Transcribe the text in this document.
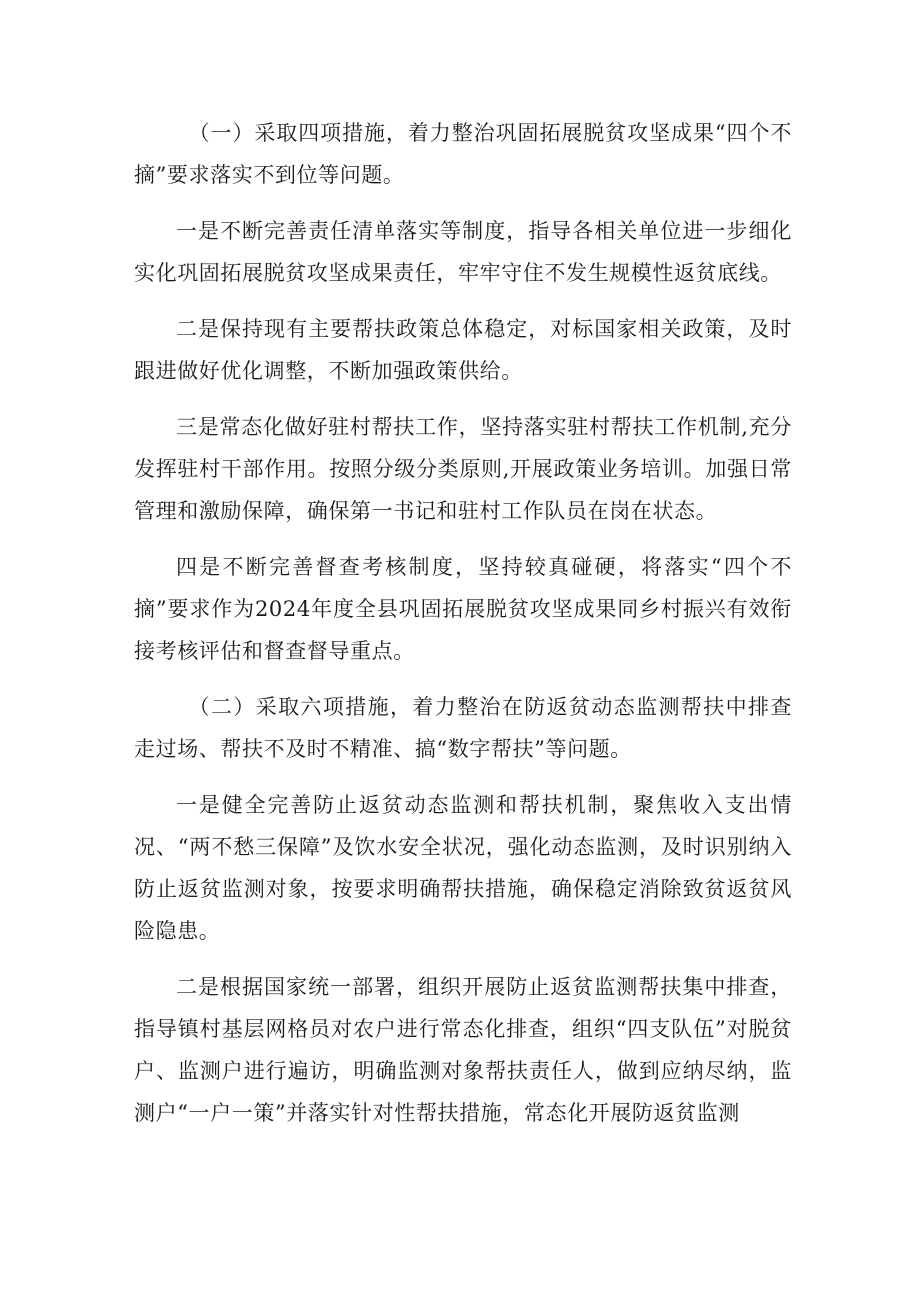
（一）采取四项措施，着力整治巩固拓展脱贫攻坚成果“四个不摘”要求落实不到位等问题。

一是不断完善责任清单落实等制度，指导各相关单位进一步细化实化巩固拓展脱贫攻坚成果责任，牢牢守住不发生规模性返贫底线。

二是保持现有主要帮扶政策总体稳定，对标国家相关政策，及时跟进做好优化调整，不断加强政策供给。

三是常态化做好驻村帮扶工作，坚持落实驻村帮扶工作机制,充分发挥驻村干部作用。按照分级分类原则,开展政策业务培训。加强日常管理和激励保障，确保第一书记和驻村工作队员在岗在状态。

四是不断完善督查考核制度，坚持较真碰硬，将落实“四个不摘”要求作为2024年度全县巩固拓展脱贫攻坚成果同乡村振兴有效衔接考核评估和督查督导重点。

（二）采取六项措施，着力整治在防返贫动态监测帮扶中排查走过场、帮扶不及时不精准、搞“数字帮扶”等问题。

一是健全完善防止返贫动态监测和帮扶机制，聚焦收入支出情况、“两不愁三保障”及饮水安全状况，强化动态监测，及时识别纳入防止返贫监测对象，按要求明确帮扶措施，确保稳定消除致贫返贫风险隐患。

二是根据国家统一部署，组织开展防止返贫监测帮扶集中排查，指导镇村基层网格员对农户进行常态化排查，组织“四支队伍”对脱贫户、监测户进行遍访，明确监测对象帮扶责任人，做到应纳尽纳，监测户“一户一策”并落实针对性帮扶措施，常态化开展防返贫监测
